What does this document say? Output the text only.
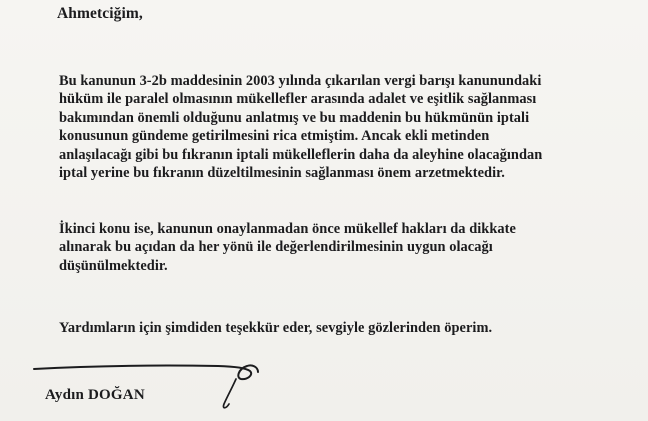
Ahmetciğim,

Bu kanunun 3-2b maddesinin 2003 yılında çıkarılan vergi barışı kanunundaki
hüküm ile paralel olmasının mükellefler arasında adalet ve eşitlik sağlanması
bakımından önemli olduğunu anlatmış ve bu maddenin bu hükmünün iptali
konusunun gündeme getirilmesini rica etmiştim. Ancak ekli metinden
anlaşılacağı gibi bu fıkranın iptali mükelleflerin daha da aleyhine olacağından
iptal yerine bu fıkranın düzeltilmesinin sağlanması önem arzetmektedir.

İkinci konu ise, kanunun onaylanmadan önce mükellef hakları da dikkate
alınarak bu açıdan da her yönü ile değerlendirilmesinin uygun olacağı
düşünülmektedir.

Yardımların için şimdiden teşekkür eder, sevgiyle gözlerinden öperim.

Aydın DOĞAN
